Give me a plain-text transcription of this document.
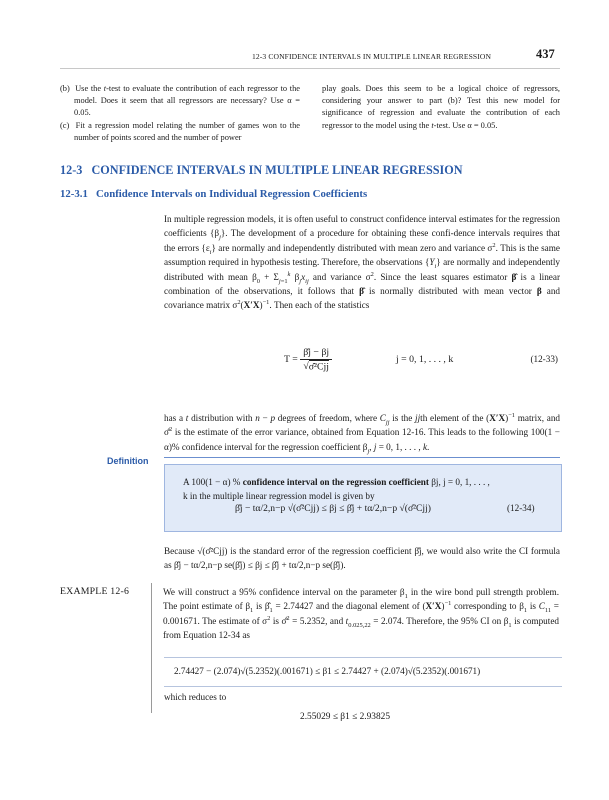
12-3 CONFIDENCE INTERVALS IN MULTIPLE LINEAR REGRESSION	437

(b)  Use the t-test to evaluate the contribution of each regressor to the model. Does it seem that all regressors are necessary? Use α = 0.05.

(c)  Fit a regression model relating the number of games won to the number of points scored and the number of power

play goals. Does this seem to be a logical choice of regressors, considering your answer to part (b)? Test this new model for significance of regression and evaluate the contribution of each regressor to the model using the t-test. Use α = 0.05.

12-3 CONFIDENCE INTERVALS IN MULTIPLE LINEAR REGRESSION
12-3.1 Confidence Intervals on Individual Regression Coefficients

In multiple regression models, it is often useful to construct confidence interval estimates for the regression coefficients $\{\beta_j\}$. The development of a procedure for obtaining these confi-dence intervals requires that the errors $\{\varepsilon_i\}$ are normally and independently distributed with mean zero and variance $\sigma^2$. This is the same assumption required in hypothesis testing. Therefore, the observations $\{Y_i\}$ are normally and independently distributed with mean $\beta_0 + \Sigma_{j=1}^k$ $\beta_jx_{ij}$ and variance $\sigma^2$. Since the least squares estimator β̂ is a linear combination of the observations, it follows that β̂ is normally distributed with mean vector β and covariance matrix $\sigma^2(X'X)^{-1}$. Then each of the statistics

$T = \frac{\betâj - \beta j}{\text{√σ̂²Cjj}}$	j = 0, 1, . . . , k	(12-33)

has a t distribution with n − p degrees of freedom, where $C_{jj}$ is the jjth element of the $(X'X)^{-1}$ matrix, and σ̂$^2$ is the estimate of the error variance, obtained from Equation 12-16. This leads to the following 100(1 − α)% confidence interval for the regression coefficient $\beta_j$, j = 0, 1, . . . , k.

Definition
A 100(1 − α) % confidence interval on the regression coefficient βj, j = 0, 1, . . . ,
k in the multiple linear regression model is given by
β̂j − tα/2,n−p √(σ̂²Cjj) ≤ βj ≤ β̂j + tα/2,n−p √(σ̂²Cjj)	(12-34)

Because √(σ̂²Cjj) is the standard error of the regression coefficient β̂j, we would also write the CI formula as β̂j − tα/2,n−p se(β̂j) ≤ βj ≤ β̂j + tα/2,n−p se(β̂j).

EXAMPLE 12-6	We will construct a 95% confidence interval on the parameter $\beta_1$ in the wire bond pull strength problem. The point estimate of $\beta_1$ is $\betâ_1 = 2.74427$ and the diagonal element of $(X'X)^{-1}$ corresponding to $\beta_1$ is $C_{11} = 0.001671$. The estimate of $\sigma^2$ is σ̂$^2$ = 5.2352, and $t_{0.025,22} = 2.074$. Therefore, the 95% CI on $\beta_1$ is computed from Equation 12-34 as

2.74427 − (2.074)√(5.2352)(.001671) ≤ β1 ≤ 2.74427 + (2.074)√(5.2352)(.001671)
which reduces to
2.55029 ≤ β1 ≤ 2.93825
